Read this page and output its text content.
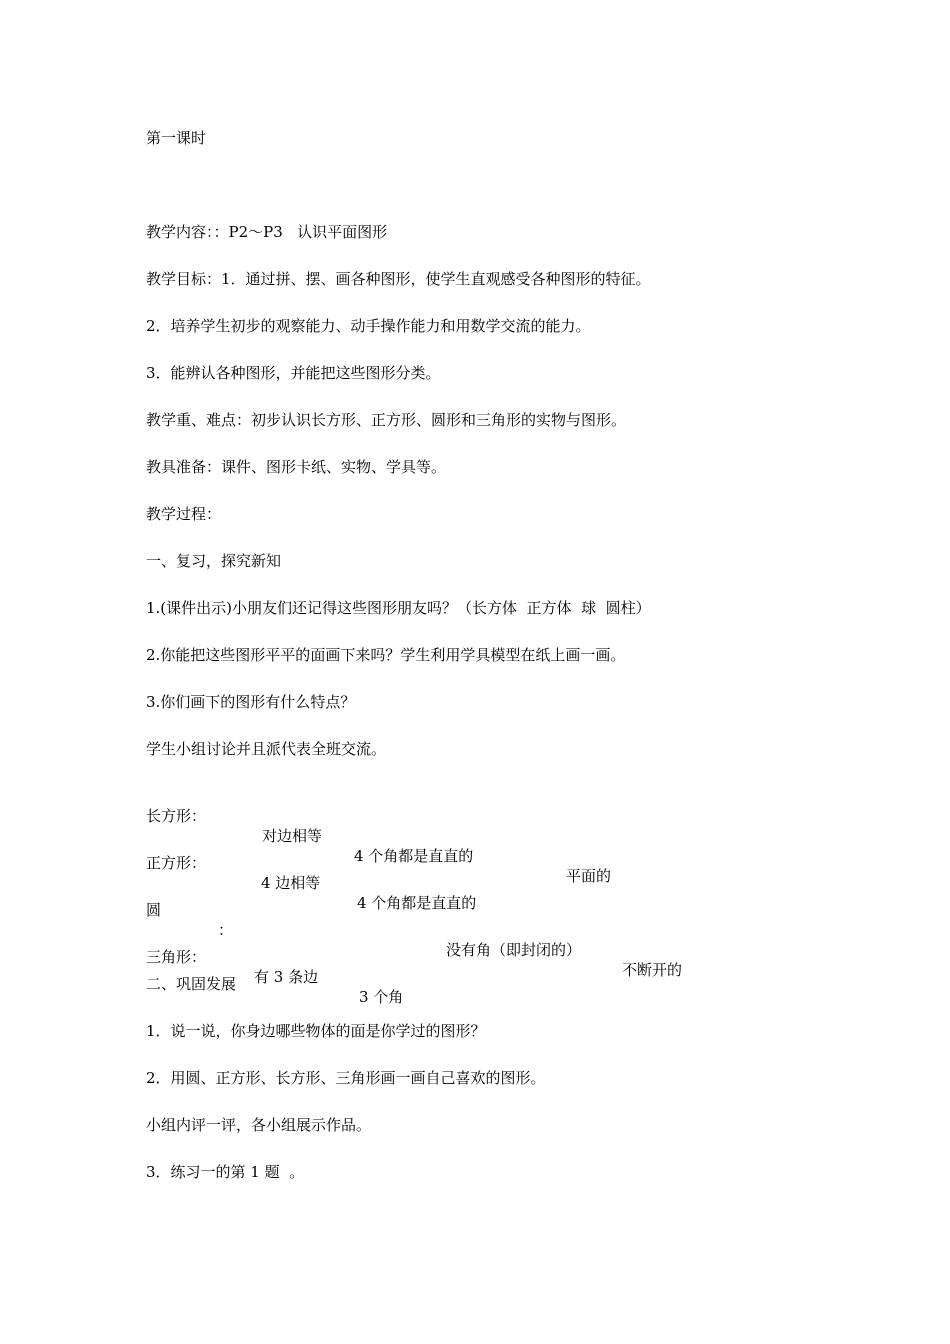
第一课时
教学内容：：P2～P3   认识平面图形
教学目标：1．通过拼、摆、画各种图形，使学生直观感受各种图形的特征。
2．培养学生初步的观察能力、动手操作能力和用数学交流的能力。
3．能辨认各种图形，并能把这些图形分类。
教学重、难点：初步认识长方形、正方形、圆形和三角形的实物与图形。
教具准备：课件、图形卡纸、实物、学具等。
教学过程：
一、复习，探究新知
1.(课件出示)小朋友们还记得这些图形朋友吗？（长方体  正方体  球  圆柱）
2.你能把这些图形平平的面画下来吗？学生利用学具模型在纸上画一画。
3.你们画下的图形有什么特点？
学生小组讨论并且派代表全班交流。

长方形：

对边相等

4 个角都是直直的

平面的

正方形：

4 边相等

4 个角都是直直的

圆

：

没有角（即封闭的）

不断开的

三角形：

有 3 条边

3 个角

二、巩固发展
1．说一说，你身边哪些物体的面是你学过的图形？
2．用圆、正方形、长方形、三角形画一画自己喜欢的图形。
小组内评一评，各小组展示作品。
3．练习一的第 1 题  。
